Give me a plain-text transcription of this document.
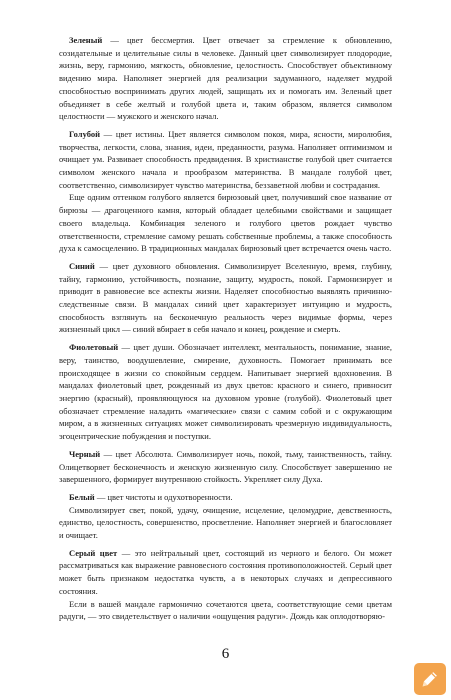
Зеленый — цвет бессмертия. Цвет отвечает за стремление к обновлению, созидательные и целительные силы в человеке. Данный цвет символизирует плодородие, жизнь, веру, гармонию, мягкость, обновление, целостность. Способствует объективному видению мира. Наполняет энергией для реализации задуманного, наделяет мудрой способностью воспринимать других людей, защищать их и помогать им. Зеленый цвет объединяет в себе желтый и голубой цвета и, таким образом, является символом целостности — мужского и женского начал.

Голубой — цвет истины. Цвет является символом покоя, мира, ясности, миролюбия, творчества, легкости, слова, знания, идеи, преданности, разума. Наполняет оптимизмом и очищает ум. Развивает способность предвидения. В христианстве голубой цвет считается символом женского начала и прообразом материнства. В мандале голубой цвет, соответственно, символизирует чувство материнства, беззаветной любви и сострадания.

Еще одним оттенком голубого является бирюзовый цвет, получивший свое название от бирюзы — драгоценного камня, который обладает целебными свойствами и защищает своего владельца. Комбинация зеленого и голубого цветов рождает чувство ответственности, стремление самому решать собственные проблемы, а также способность духа к самосцелению. В традиционных мандалах бирюзовый цвет встречается очень часто.

Синий — цвет духовного обновления. Символизирует Вселенную, время, глубину, тайну, гармонию, устойчивость, познание, защиту, мудрость, покой. Гармонизирует и приводит в равновесие все аспекты жизни. Наделяет способностью выявлять причинно-следственные связи. В мандалах синий цвет характеризует интуицию и мудрость, способность взглянуть на бесконечную реальность через видимые формы, через жизненный цикл — синий вбирает в себя начало и конец, рождение и смерть.

Фиолетовый — цвет души. Обозначает интеллект, ментальность, понимание, знание, веру, таинство, воодушевление, смирение, духовность. Помогает принимать все происходящее в жизни со спокойным сердцем. Напитывает энергией вдохновения. В мандалах фиолетовый цвет, рожденный из двух цветов: красного и синего, привносит энергию (красный), проявляющуюся на духовном уровне (голубой). Фиолетовый цвет обозначает стремление наладить «магические» связи с самим собой и с окружающим миром, а в жизненных ситуациях может символизировать чрезмерную индивидуальность, эгоцентрические побуждения и поступки.

Черный — цвет Абсолюта. Символизирует ночь, покой, тьму, таинственность, тайну. Олицетворяет бесконечность и женскую жизненную силу. Способствует завершению не завершенного, формирует внутреннюю стойкость. Укрепляет силу Духа.

Белый — цвет чистоты и одухотворенности.

Символизирует свет, покой, удачу, очищение, исцеление, целомудрие, девственность, единство, целостность, совершенство, просветление. Наполняет энергией и благословляет и очищает.

Серый цвет — это нейтральный цвет, состоящий из черного и белого. Он может рассматриваться как выражение равновесного состояния противоположностей. Серый цвет может быть признаком недостатка чувств, а в некоторых случаях и депрессивного состояния.

Если в вашей мандале гармонично сочетаются цвета, соответствующие семи цветам радуги, — это свидетельствует о наличии «ощущения радуги». Дождь как оплодотворяю-

6
